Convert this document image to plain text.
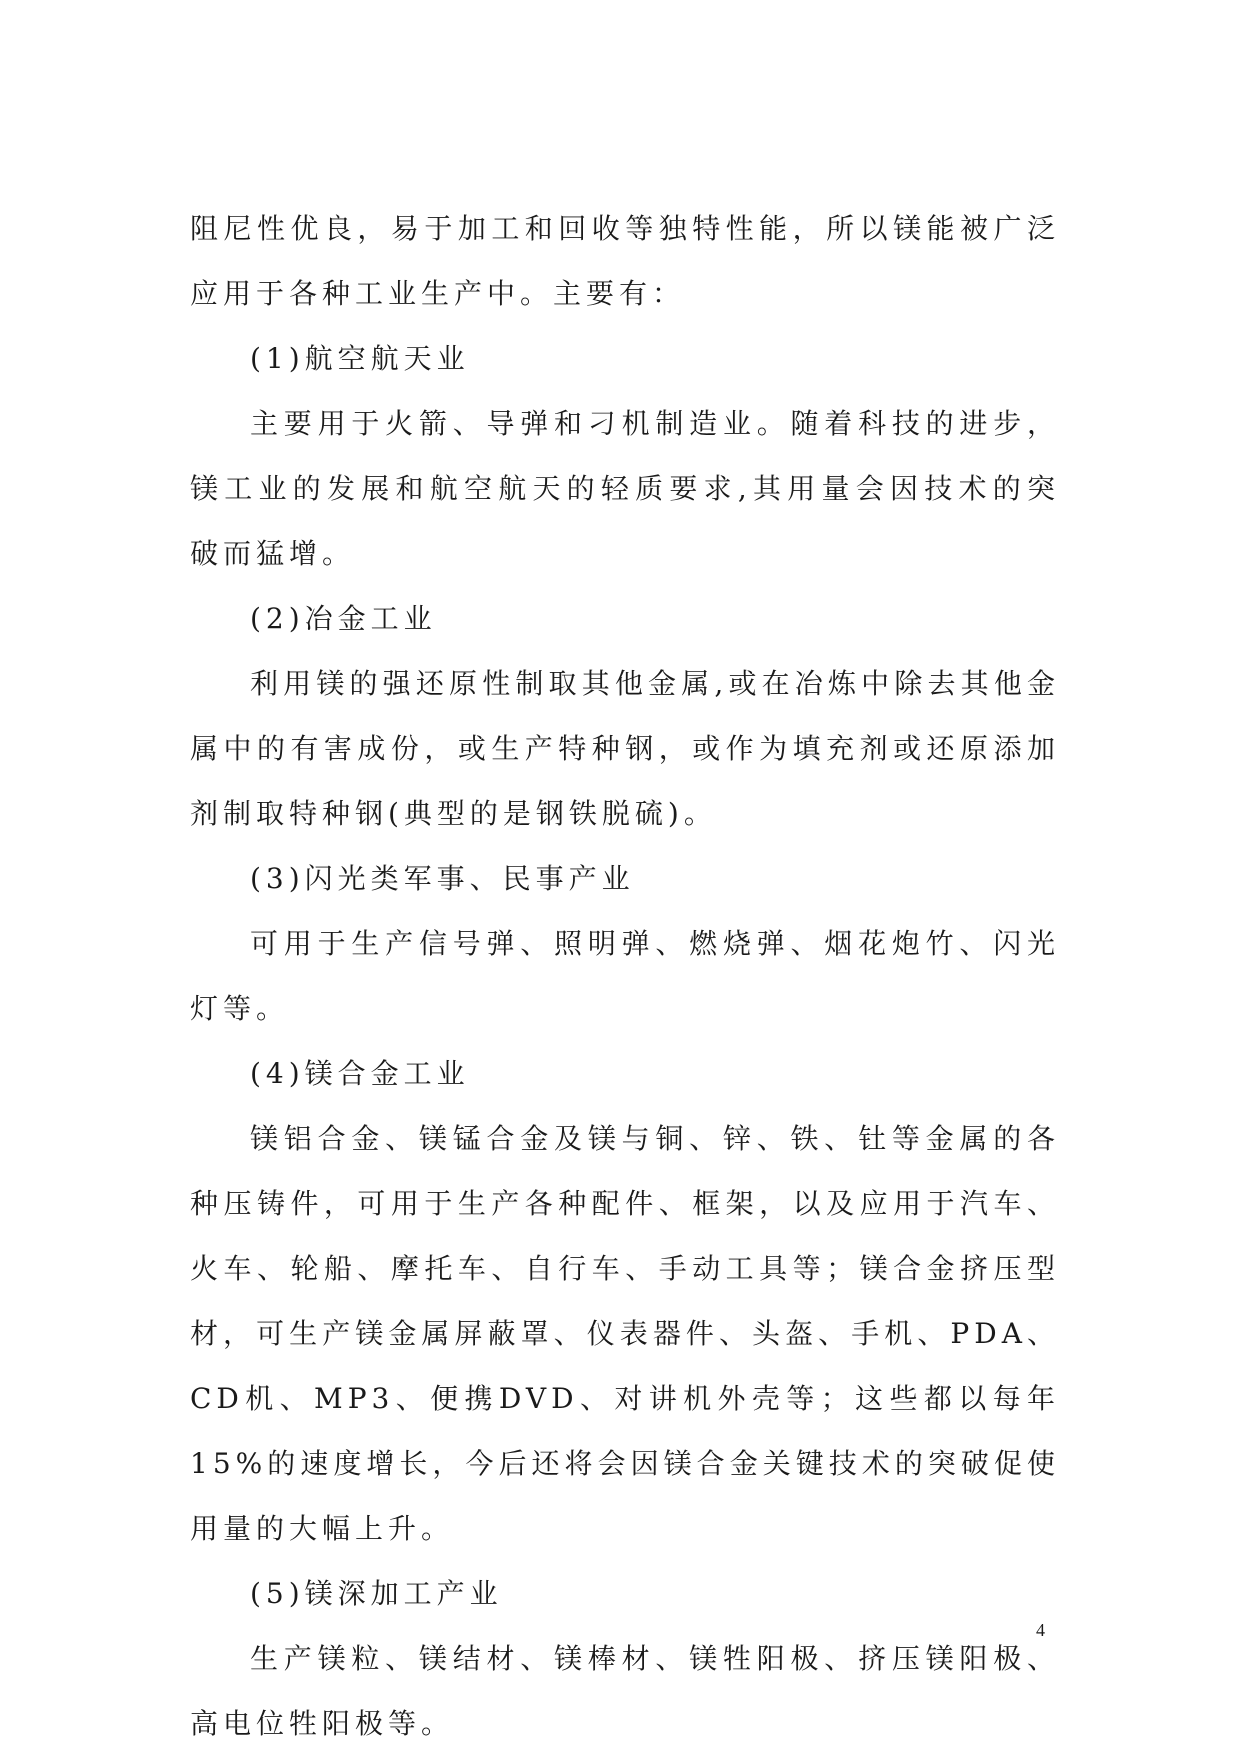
阻尼性优良，易于加工和回收等独特性能，所以镁能被广泛应用于各种工业生产中。主要有：

(1)航空航天业

主要用于火箭、导弹和刁机制造业。随着科技的进步，镁工业的发展和航空航天的轻质要求,其用量会因技术的突破而猛增。

(2)冶金工业

利用镁的强还原性制取其他金属,或在冶炼中除去其他金属中的有害成份，或生产特种钢，或作为填充剂或还原添加剂制取特种钢(典型的是钢铁脱硫)。

(3)闪光类军事、民事产业

可用于生产信号弹、照明弹、燃烧弹、烟花炮竹、闪光灯等。

(4)镁合金工业

镁铝合金、镁锰合金及镁与铜、锌、铁、钍等金属的各种压铸件，可用于生产各种配件、框架，以及应用于汽车、火车、轮船、摩托车、自行车、手动工具等；镁合金挤压型材，可生产镁金属屏蔽罩、仪表器件、头盔、手机、PDA、CD机、MP3、便携DVD、对讲机外壳等；这些都以每年15%的速度增长，今后还将会因镁合金关键技术的突破促使用量的大幅上升。

(5)镁深加工产业

生产镁粒、镁结材、镁棒材、镁牲阳极、挤压镁阳极、高电位牲阳极等。

4
